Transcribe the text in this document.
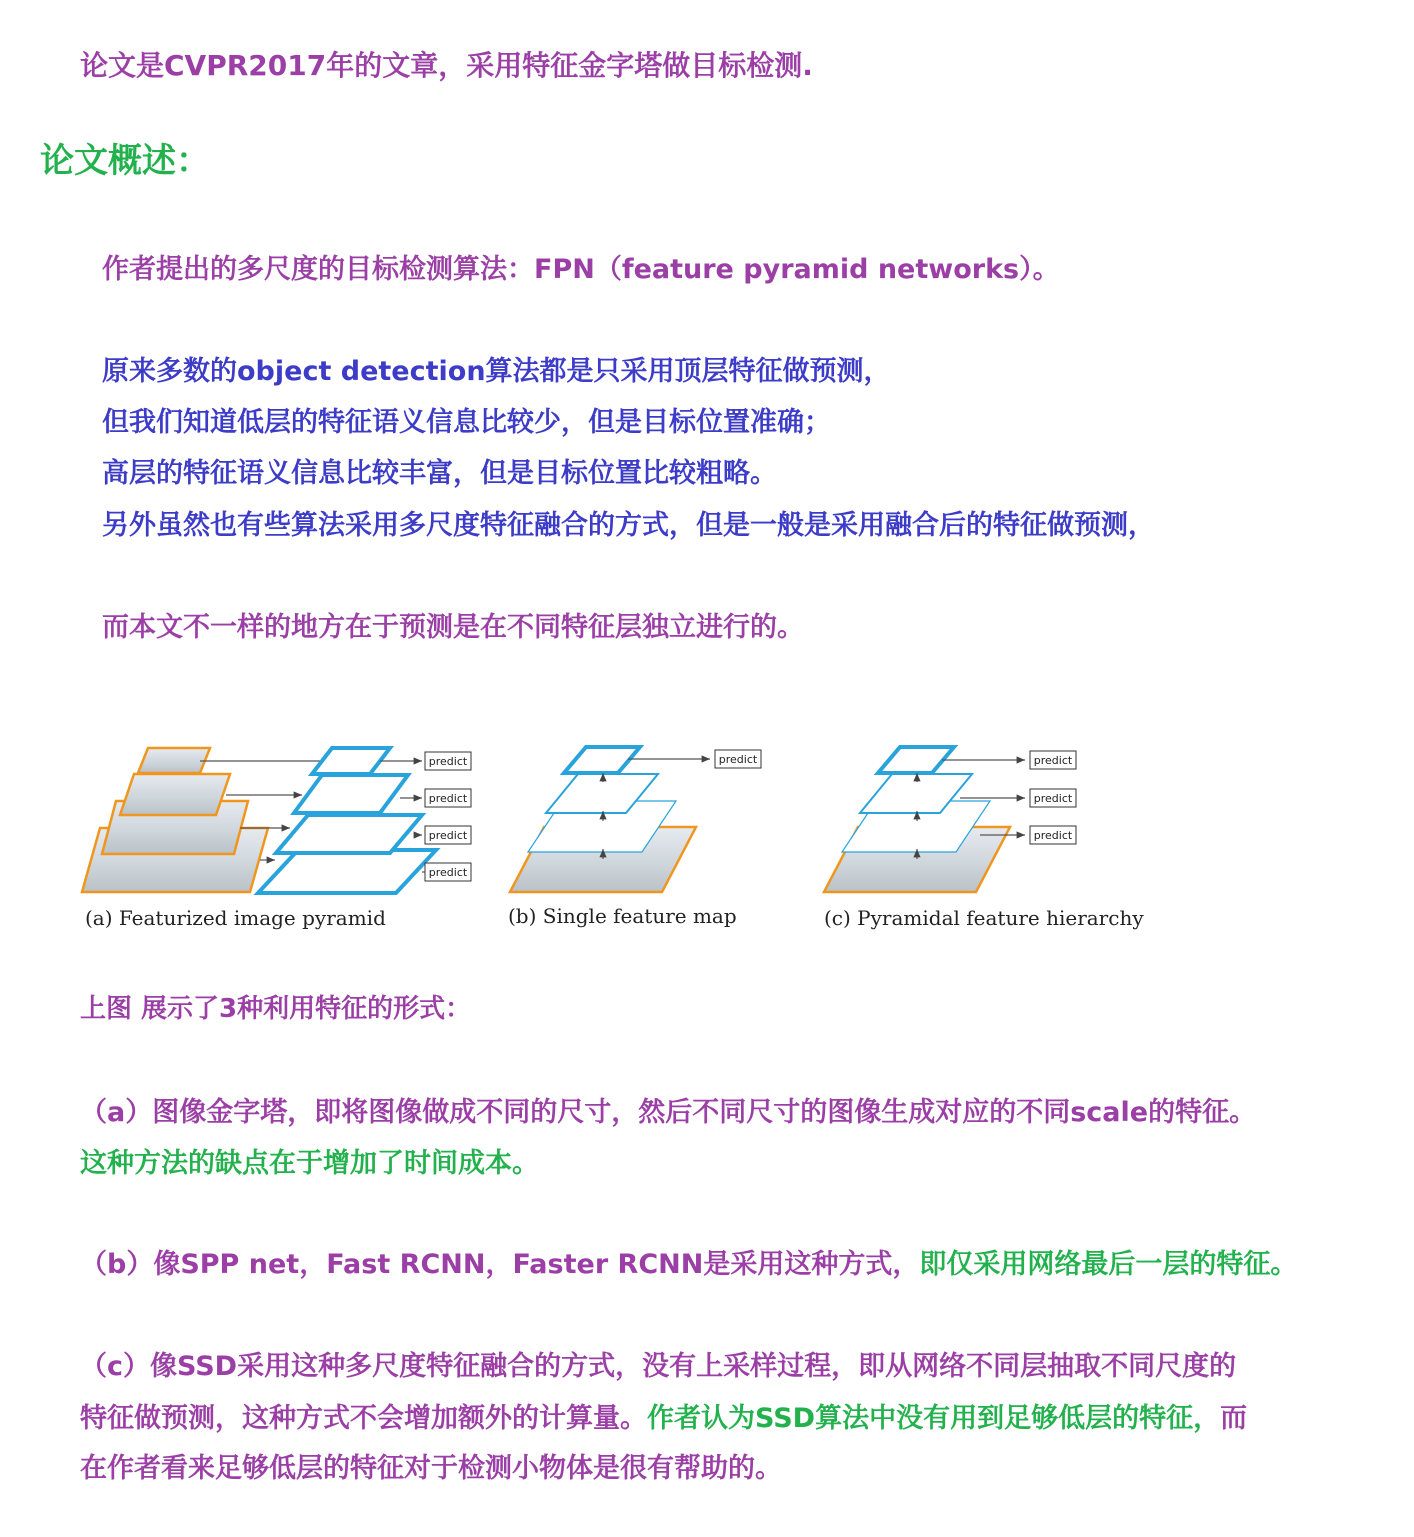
论文是CVPR2017年的文章，采用特征金字塔做目标检测.

论文概述：

作者提出的多尺度的目标检测算法：FPN（feature pyramid networks）。

原来多数的object detection算法都是只采用顶层特征做预测，

但我们知道低层的特征语义信息比较少，但是目标位置准确；

高层的特征语义信息比较丰富，但是目标位置比较粗略。

另外虽然也有些算法采用多尺度特征融合的方式，但是一般是采用融合后的特征做预测，

而本文不一样的地方在于预测是在不同特征层独立进行的。

predict
predict
predict
predict
predict	predict
predict
predict
(a) Featurized image pyramid	(b) Single feature map	(c) Pyramidal feature hierarchy

上图 展示了3种利用特征的形式：

（a）图像金字塔，即将图像做成不同的尺寸，然后不同尺寸的图像生成对应的不同scale的特征。

这种方法的缺点在于增加了时间成本。

（b）像SPP net，Fast RCNN，Faster RCNN是采用这种方式，即仅采用网络最后一层的特征。

（c）像SSD采用这种多尺度特征融合的方式，没有上采样过程，即从网络不同层抽取不同尺度的

特征做预测，这种方式不会增加额外的计算量。作者认为SSD算法中没有用到足够低层的特征，而

在作者看来足够低层的特征对于检测小物体是很有帮助的。
